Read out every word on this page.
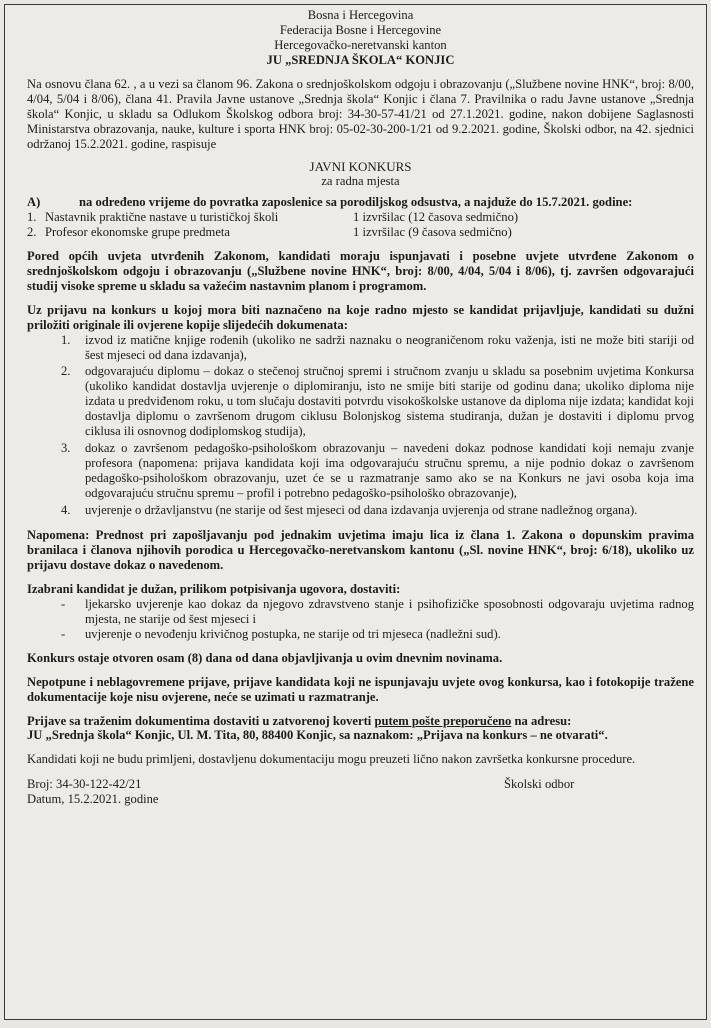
Bosna i Hercegovina
Federacija Bosne i Hercegovine
Hercegovačko-neretvanski kanton
JU „SREDNJA ŠKOLA“ KONJIC

Na osnovu člana 62. , a u vezi sa članom 96. Zakona o srednjoškolskom odgoju i obrazovanju („Službene novine HNK“, broj: 8/00, 4/04, 5/04 i 8/06), člana 41. Pravila Javne ustanove „Srednja škola“ Konjic i člana 7. Pravilnika o radu Javne ustanove „Srednja škola“ Konjic, u skladu sa Odlukom Školskog odbora broj: 34-30-57-41/21 od 27.1.2021. godine, nakon dobijene Saglasnosti Ministarstva obrazovanja, nauke, kulture i sporta HNK broj: 05-02-30-200-1/21 od 9.2.2021. godine, Školski odbor, na 42. sjednici održanoj 15.2.2021. godine, raspisuje

JAVNI KONKURS
za radna mjesta
A)	na određeno vrijeme do povratka zaposlenice sa porodiljskog odsustva, a najduže do 15.7.2021. godine:
1. Nastavnik praktične nastave u turističkoj školi	1 izvršilac (12 časova sedmično)
2. Profesor ekonomske grupe predmeta	1 izvršilac (9 časova sedmično)

Pored općih uvjeta utvrđenih Zakonom, kandidati moraju ispunjavati i posebne uvjete utvrđene Zakonom o srednjoškolskom odgoju i obrazovanju („Službene novine HNK“, broj: 8/00, 4/04, 5/04 i 8/06), tj. završen odgovarajući studij visoke spreme u skladu sa važećim nastavnim planom i programom.

Uz prijavu na konkurs u kojoj mora biti naznačeno na koje radno mjesto se kandidat prijavljuje, kandidati su dužni priložiti originale ili ovjerene kopije slijedećih dokumenata:

1.	izvod iz matične knjige rođenih (ukoliko ne sadrži naznaku o neograničenom roku važenja, isti ne može biti stariji od šest mjeseci od dana izdavanja),
2.	odgovarajuću diplomu – dokaz o stečenoj stručnoj spremi i stručnom zvanju u skladu sa posebnim uvjetima Konkursa (ukoliko kandidat dostavlja uvjerenje o diplomiranju, isto ne smije biti starije od godinu dana; ukoliko diploma nije izdata u predviđenom roku, u tom slučaju dostaviti potvrdu visokoškolske ustanove da diploma nije izdata; kandidat koji dostavlja diplomu o završenom drugom ciklusu Bolonjskog sistema studiranja, dužan je dostaviti i diplomu prvog ciklusa ili osnovnog dodiplomskog studija),
3.	dokaz o završenom pedagoško-psihološkom obrazovanju – navedeni dokaz podnose kandidati koji nemaju zvanje profesora (napomena: prijava kandidata koji ima odgovarajuću stručnu spremu, a nije podnio dokaz o završenom pedagoško-psihološkom obrazovanju, uzet će se u razmatranje samo ako se na Konkurs ne javi osoba koja ima odgovarajuću stručnu spremu – profil i potrebno pedagoško-psihološko obrazovanje),
4.	uvjerenje o državljanstvu (ne starije od šest mjeseci od dana izdavanja uvjerenja od strane nadležnog organa).

Napomena: Prednost pri zapošljavanju pod jednakim uvjetima imaju lica iz člana 1. Zakona o dopunskim pravima branilaca i članova njihovih porodica u Hercegovačko-neretvanskom kantonu („Sl. novine HNK“, broj: 6/18), ukoliko uz prijavu dostave dokaz o navedenom.

Izabrani kandidat je dužan, prilikom potpisivanja ugovora, dostaviti:

-	ljekarsko uvjerenje kao dokaz da njegovo zdravstveno stanje i psihofizičke sposobnosti odgovaraju uvjetima radnog mjesta, ne starije od šest mjeseci i
-	uvjerenje o nevođenju krivičnog postupka, ne starije od tri mjeseca (nadležni sud).

Konkurs ostaje otvoren osam (8) dana od dana objavljivanja u ovim dnevnim novinama.

Nepotpune i neblagovremene prijave, prijave kandidata koji ne ispunjavaju uvjete ovog konkursa, kao i fotokopije tražene dokumentacije koje nisu ovjerene, neće se uzimati u razmatranje.

Prijave sa traženim dokumentima dostaviti u zatvorenoj koverti putem pošte preporučeno na adresu:

JU „Srednja škola“ Konjic, Ul. M. Tita, 80, 88400 Konjic, sa naznakom: „Prijava na konkurs – ne otvarati“.

Kandidati koji ne budu primljeni, dostavljenu dokumentaciju mogu preuzeti lično nakon završetka konkursne procedure.

Broj: 34-30-122-42/21
Datum, 15.2.2021. godine
Školski odbor
